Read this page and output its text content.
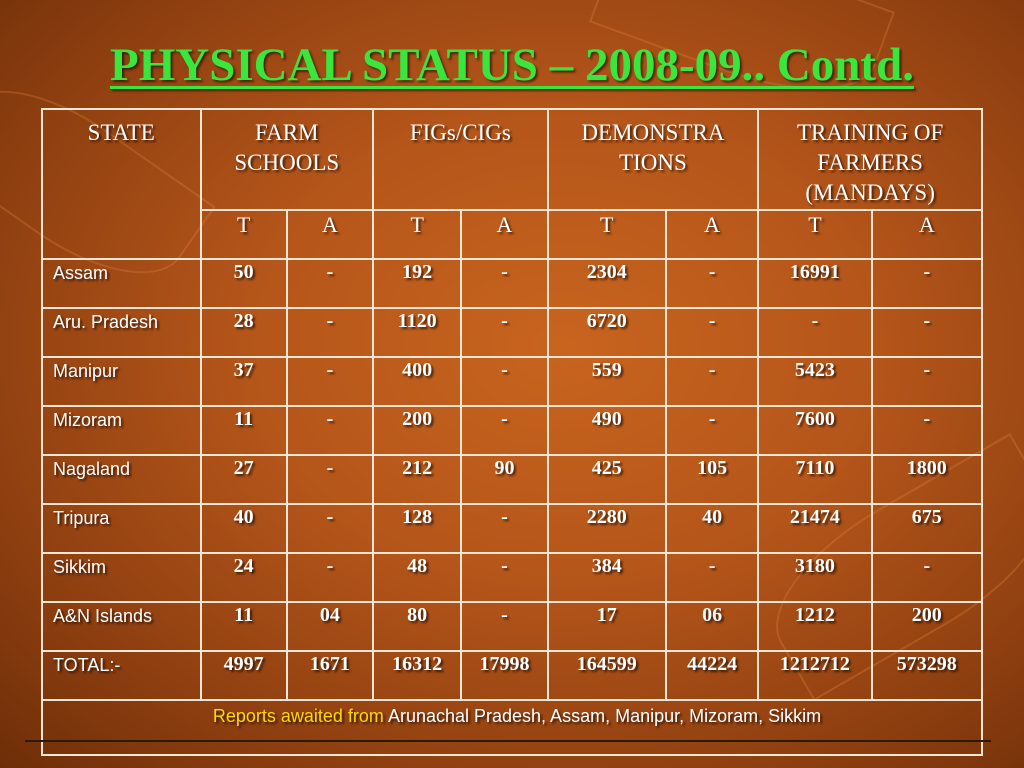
PHYSICAL STATUS – 2008-09.. Contd.
STATE	FARM SCHOOLS		FIGs/CIGs		DEMONSTRA TIONS		TRAINING OF FARMERS (MANDAYS)	
	T	A	T	A	T	A	T	A
Assam	50	-	192	-	2304	-	16991	-
Aru. Pradesh	28	-	1120	-	6720	-	-	-
Manipur	37	-	400	-	559	-	5423	-
Mizoram	11	-	200	-	490	-	7600	-
Nagaland	27	-	212	90	425	105	7110	1800
Tripura	40	-	128	-	2280	40	21474	675
Sikkim	24	-	48	-	384	-	3180	-
A&N Islands	11	04	80	-	17	06	1212	200
TOTAL:-	4997	1671	16312	17998	164599	44224	1212712	573298
Reports awaited from Arunachal Pradesh, Assam, Manipur, Mizoram, Sikkim								
